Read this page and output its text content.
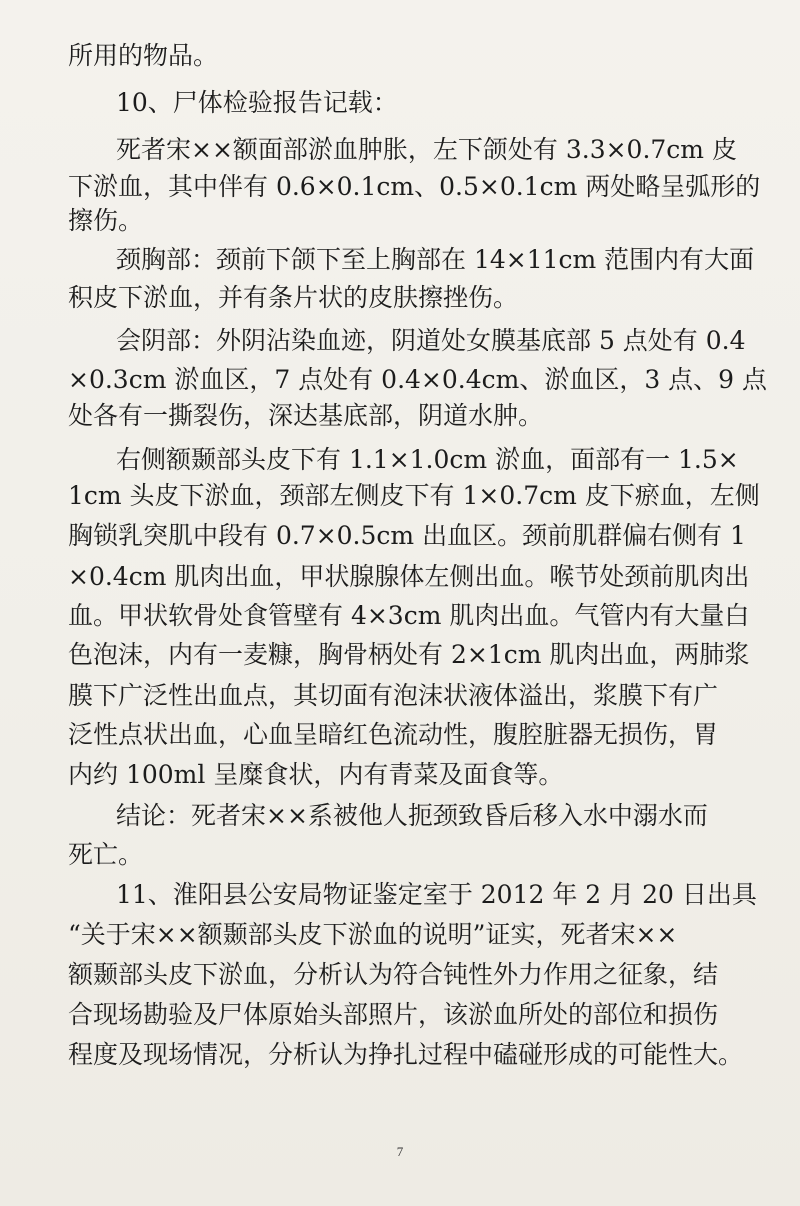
所用的物品。
10、尸体检验报告记载：
死者宋××额面部淤血肿胀，左下颌处有 3.3×0.7cm 皮
下淤血，其中伴有 0.6×0.1cm、0.5×0.1cm 两处略呈弧形的
擦伤。
颈胸部：颈前下颌下至上胸部在 14×11cm 范围内有大面
积皮下淤血，并有条片状的皮肤擦挫伤。
会阴部：外阴沾染血迹，阴道处女膜基底部 5 点处有 0.4
×0.3cm 淤血区，7 点处有 0.4×0.4cm、淤血区，3 点、9 点
处各有一撕裂伤，深达基底部，阴道水肿。
右侧额颞部头皮下有 1.1×1.0cm 淤血，面部有一 1.5×
1cm 头皮下淤血，颈部左侧皮下有 1×0.7cm 皮下瘀血，左侧
胸锁乳突肌中段有 0.7×0.5cm 出血区。颈前肌群偏右侧有 1
×0.4cm 肌肉出血，甲状腺腺体左侧出血。喉节处颈前肌肉出
血。甲状软骨处食管壁有 4×3cm 肌肉出血。气管内有大量白
色泡沫，内有一麦糠，胸骨柄处有 2×1cm 肌肉出血，两肺浆
膜下广泛性出血点，其切面有泡沫状液体溢出，浆膜下有广
泛性点状出血，心血呈暗红色流动性，腹腔脏器无损伤，胃
内约 100ml 呈糜食状，内有青菜及面食等。
结论：死者宋××系被他人扼颈致昏后移入水中溺水而
死亡。
11、淮阳县公安局物证鉴定室于 2012 年 2 月 20 日出具
“关于宋××额颞部头皮下淤血的说明”证实，死者宋××
额颞部头皮下淤血，分析认为符合钝性外力作用之征象，结
合现场勘验及尸体原始头部照片，该淤血所处的部位和损伤
程度及现场情况，分析认为挣扎过程中磕碰形成的可能性大。
7
